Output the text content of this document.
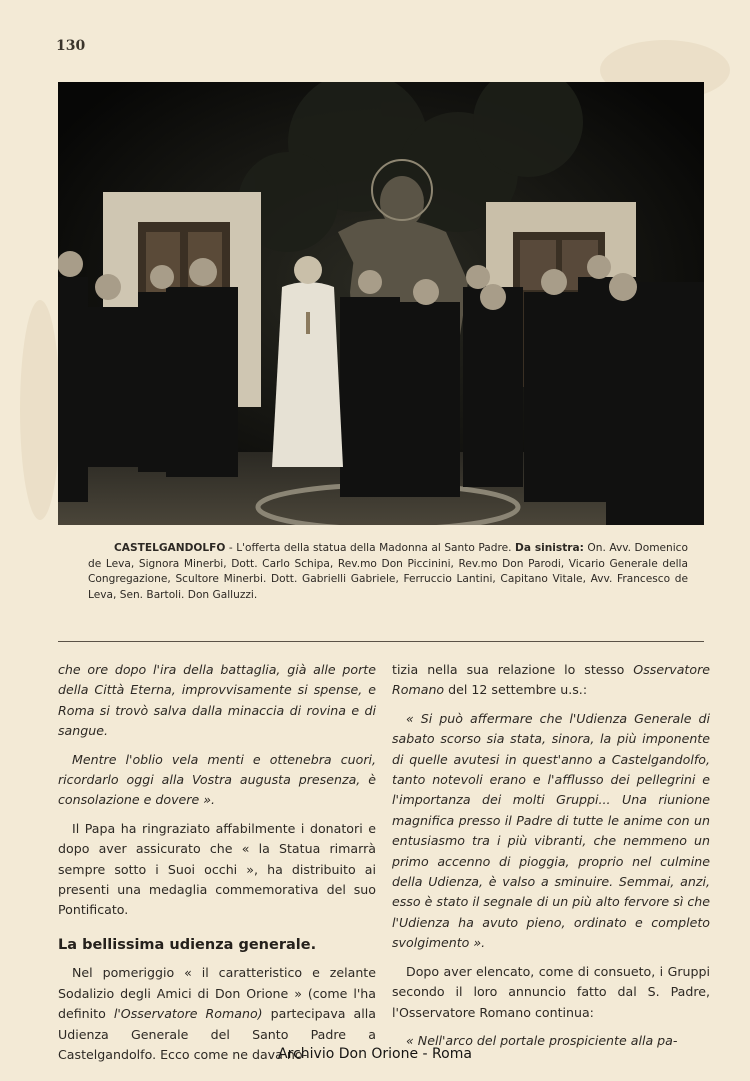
130
CASTELGANDOLFO - L'offerta della statua della Madonna al Santo Padre. Da sinistra: On. Avv. Domenico de Leva, Signora Minerbi, Dott. Carlo Schipa, Rev.mo Don Piccinini, Rev.mo Don Parodi, Vicario Generale della Congregazione, Scultore Minerbi. Dott. Gabrielli Gabriele, Ferruccio Lantini, Capitano Vitale, Avv. Francesco de Leva, Sen. Bartoli. Don Galluzzi.

che ore dopo l'ira della battaglia, già alle porte della Città Eterna, improvvisamente si spense, e Roma si trovò salva dalla minaccia di rovina e di sangue.

Mentre l'oblio vela menti e ottenebra cuori, ricordarlo oggi alla Vostra augusta presenza, è consolazione e dovere ».

Il Papa ha ringraziato affabilmente i donatori e dopo aver assicurato che « la Statua rimarrà sempre sotto i Suoi occhi », ha distribuito ai presenti una medaglia commemorativa del suo Pontificato.

La bellissima udienza generale.

Nel pomeriggio « il caratteristico e zelante Sodalizio degli Amici di Don Orione » (come l'ha definito l'Osservatore Romano) partecipava alla Udienza Generale del Santo Padre a Castelgandolfo. Ecco come ne dava no-

tizia nella sua relazione lo stesso Osservatore Romano del 12 settembre u.s.:

« Si può affermare che l'Udienza Generale di sabato scorso sia stata, sinora, la più imponente di quelle avutesi in quest'anno a Castelgandolfo, tanto notevoli erano e l'afflusso dei pellegrini e l'importanza dei molti Gruppi... Una riunione magnifica presso il Padre di tutte le anime con un entusiasmo tra i più vibranti, che nemmeno un primo accenno di pioggia, proprio nel culmine della Udienza, è valso a sminuire. Semmai, anzi, esso è stato il segnale di un più alto fervore sì che l'Udienza ha avuto pieno, ordinato e completo svolgimento ».

Dopo aver elencato, come di consueto, i Gruppi secondo il loro annuncio fatto dal S. Padre, l'Osservatore Romano continua:

« Nell'arco del portale prospiciente alla pa-

Archivio Don Orione - Roma
